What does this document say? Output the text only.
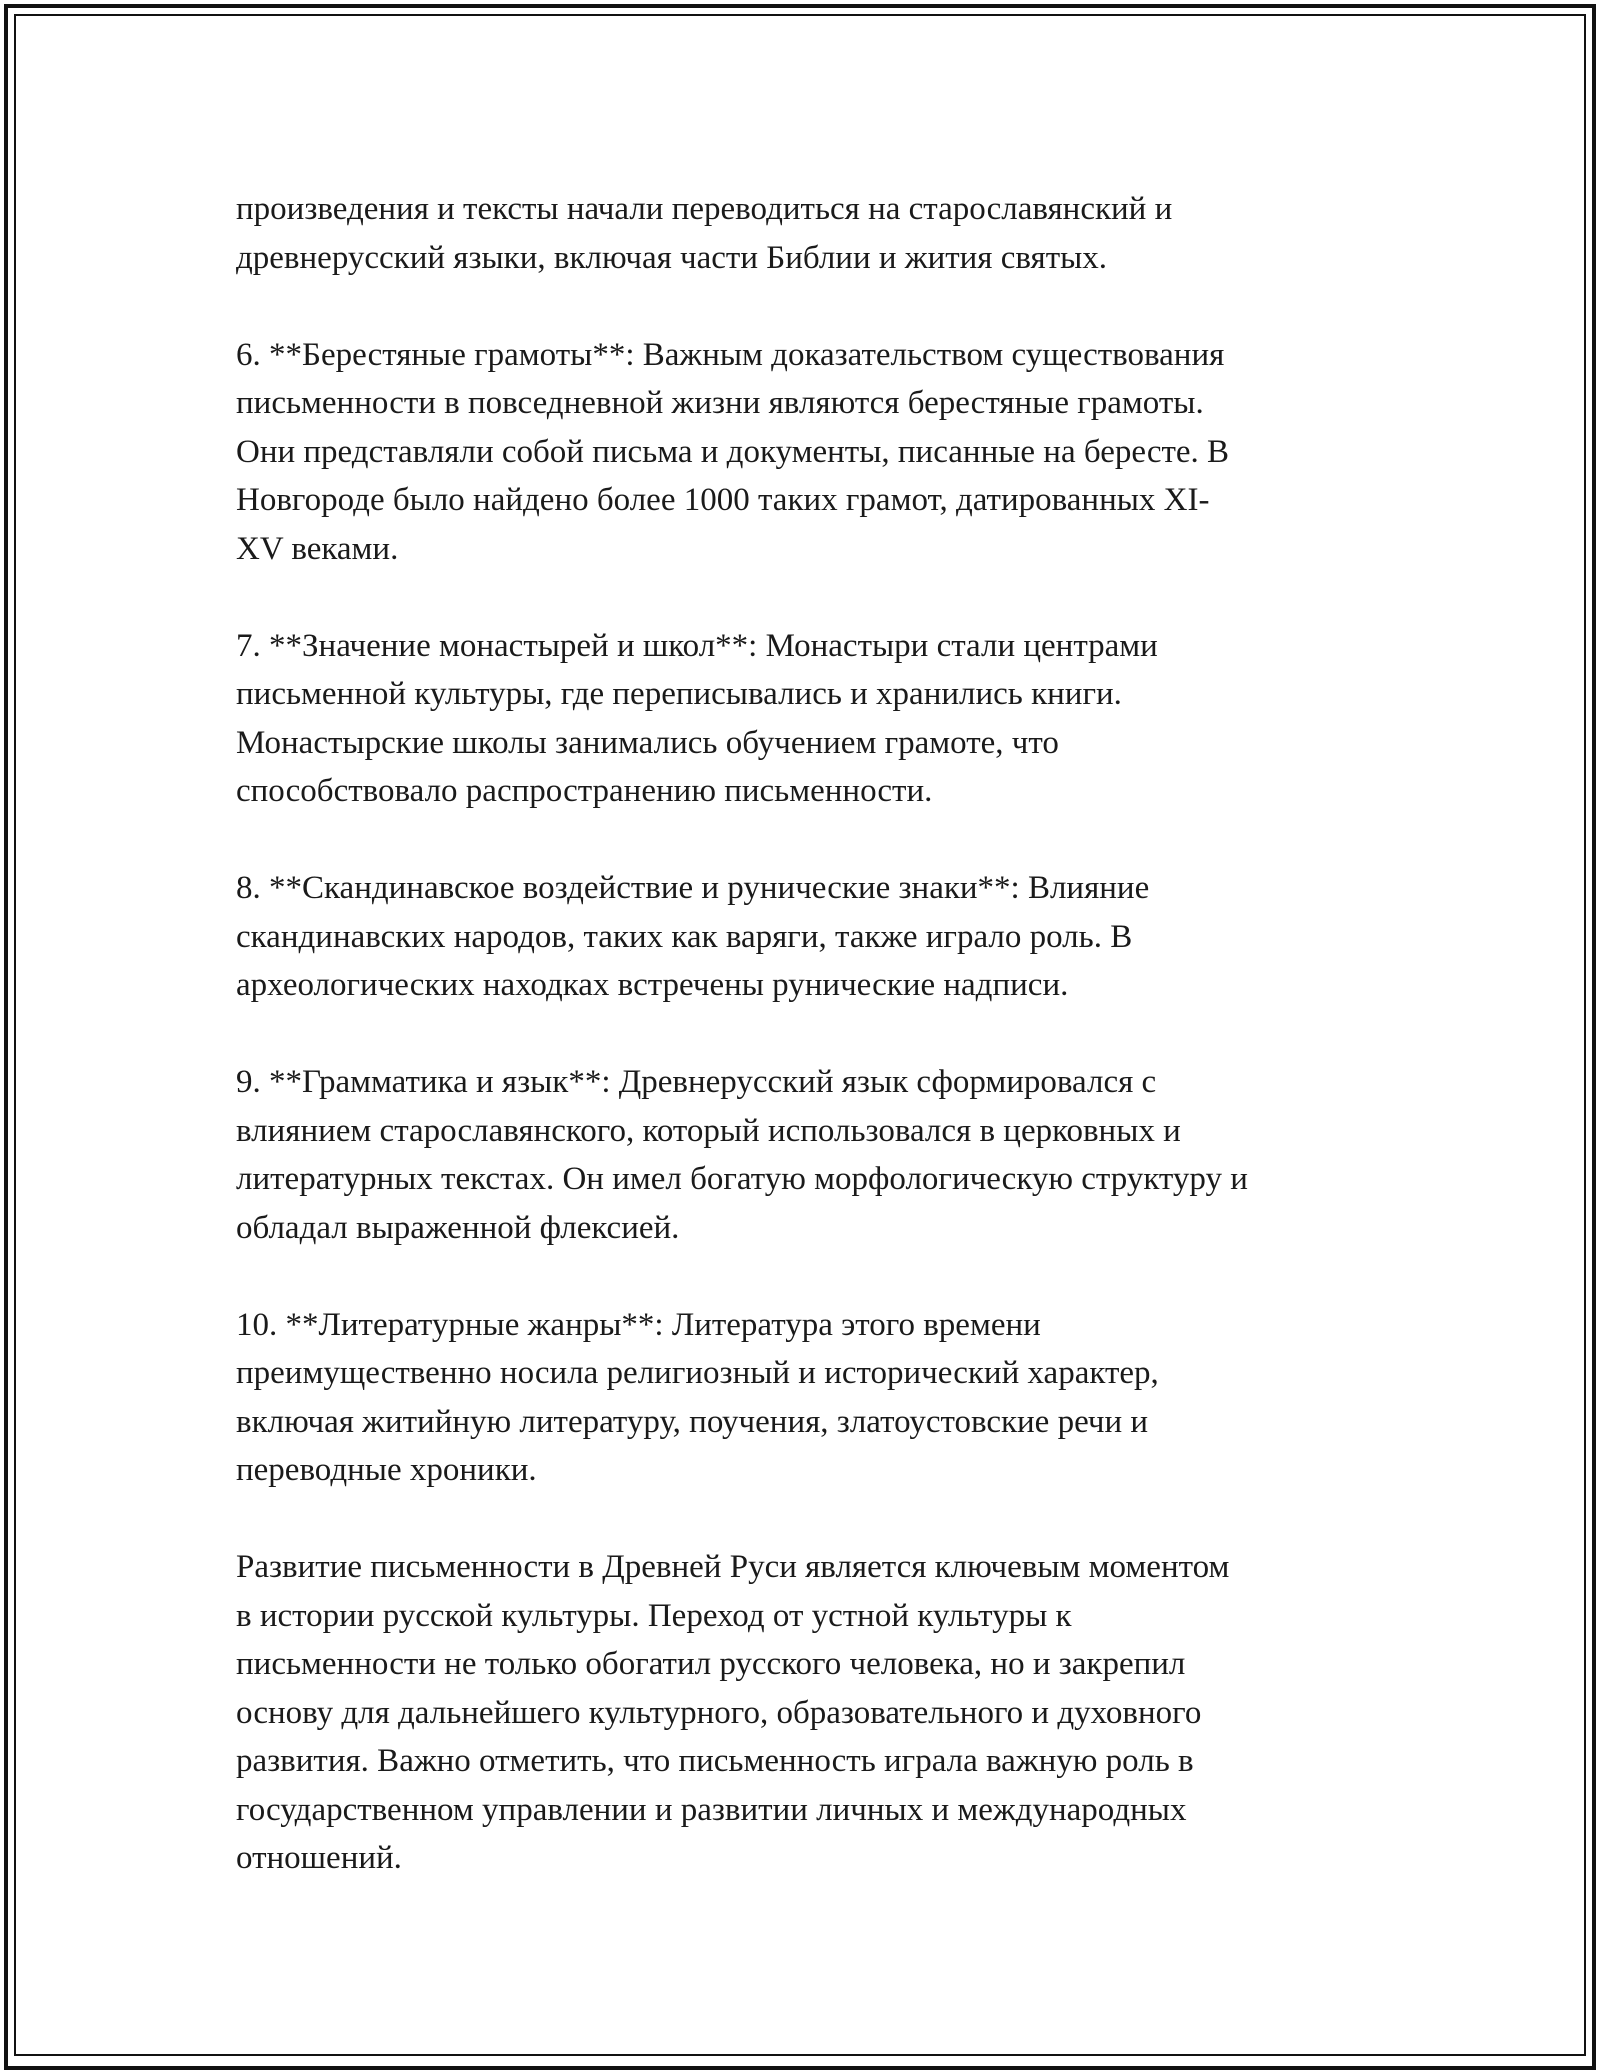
произведения и тексты начали переводиться на старославянский и
древнерусский языки, включая части Библии и жития святых.

6. **Берестяные грамоты**: Важным доказательством существования
письменности в повседневной жизни являются берестяные грамоты.
Они представляли собой письма и документы, писанные на бересте. В
Новгороде было найдено более 1000 таких грамот, датированных XI-
XV веками.

7. **Значение монастырей и школ**: Монастыри стали центрами
письменной культуры, где переписывались и хранились книги.
Монастырские школы занимались обучением грамоте, что
способствовало распространению письменности.

8. **Скандинавское воздействие и рунические знаки**: Влияние
скандинавских народов, таких как варяги, также играло роль. В
археологических находках встречены рунические надписи.

9. **Грамматика и язык**: Древнерусский язык сформировался с
влиянием старославянского, который использовался в церковных и
литературных текстах. Он имел богатую морфологическую структуру и
обладал выраженной флексией.

10. **Литературные жанры**: Литература этого времени
преимущественно носила религиозный и исторический характер,
включая житийную литературу, поучения, златоустовские речи и
переводные хроники.

Развитие письменности в Древней Руси является ключевым моментом
в истории русской культуры. Переход от устной культуры к
письменности не только обогатил русского человека, но и закрепил
основу для дальнейшего культурного, образовательного и духовного
развития. Важно отметить, что письменность играла важную роль в
государственном управлении и развитии личных и международных
отношений.
